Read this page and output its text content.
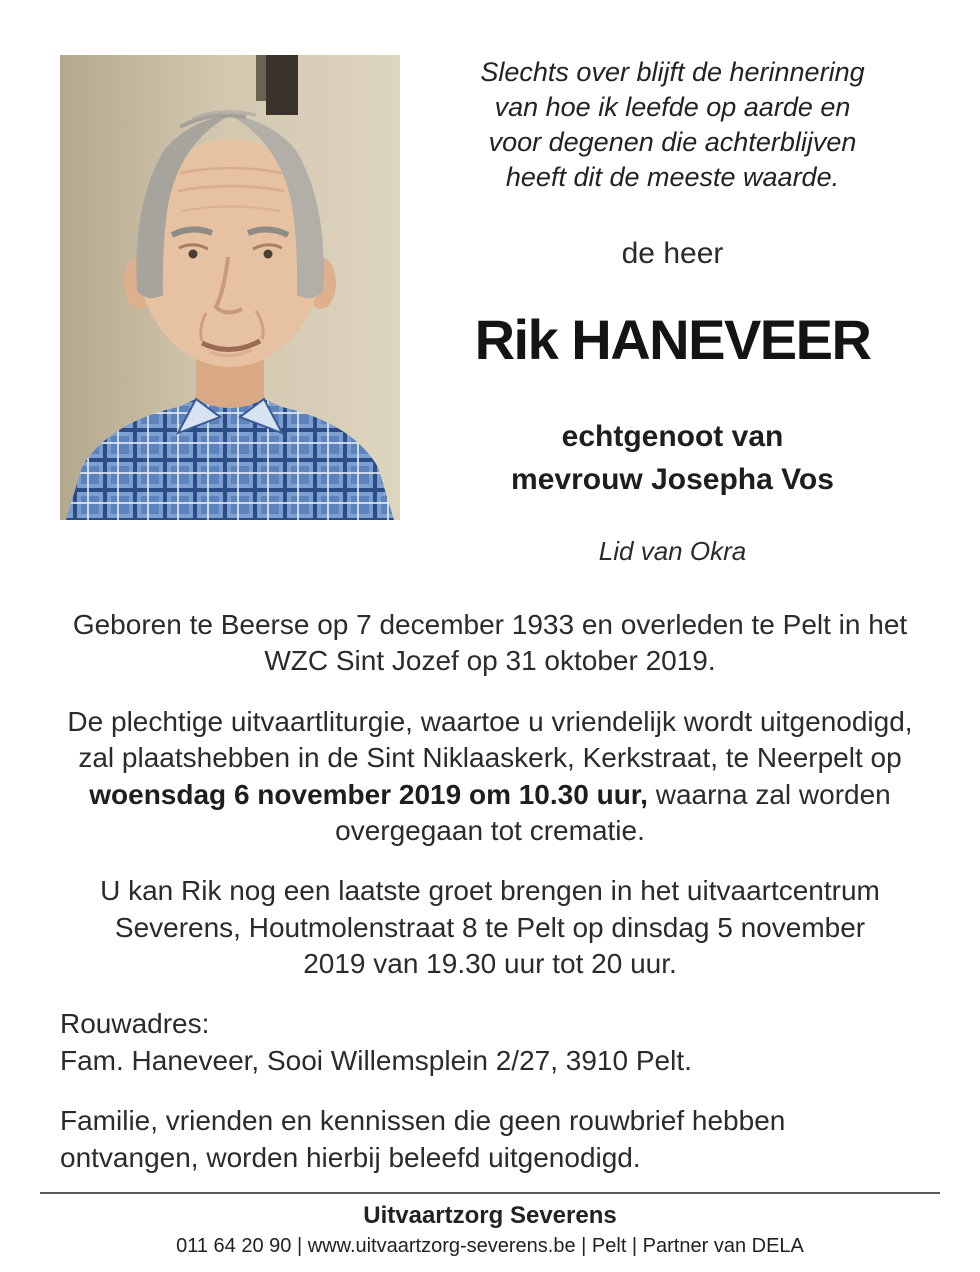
Slechts over blijft de herinnering
van hoe ik leefde op aarde en
voor degenen die achterblijven
heeft dit de meeste waarde.
de heer
Rik HANEVEER
echtgenoot van
mevrouw Josepha Vos
Lid van Okra

Geboren te Beerse op 7 december 1933 en overleden te Pelt in het WZC Sint Jozef op 31 oktober 2019.

De plechtige uitvaartliturgie, waartoe u vriendelijk wordt uitgenodigd, zal plaatshebben in de Sint Niklaaskerk, Kerkstraat, te Neerpelt op woensdag 6 november 2019 om 10.30 uur, waarna zal worden overgegaan tot crematie.

U kan Rik nog een laatste groet brengen in het uitvaartcentrum Severens, Houtmolenstraat 8 te Pelt op dinsdag 5 november 2019 van 19.30 uur tot 20 uur.

Rouwadres:
Fam. Haneveer, Sooi Willemsplein 2/27, 3910 Pelt.

Familie, vrienden en kennissen die geen rouwbrief hebben ontvangen, worden hierbij beleefd uitgenodigd.

Uitvaartzorg Severens
011 64 20 90 | www.uitvaartzorg-severens.be | Pelt | Partner van DELA
